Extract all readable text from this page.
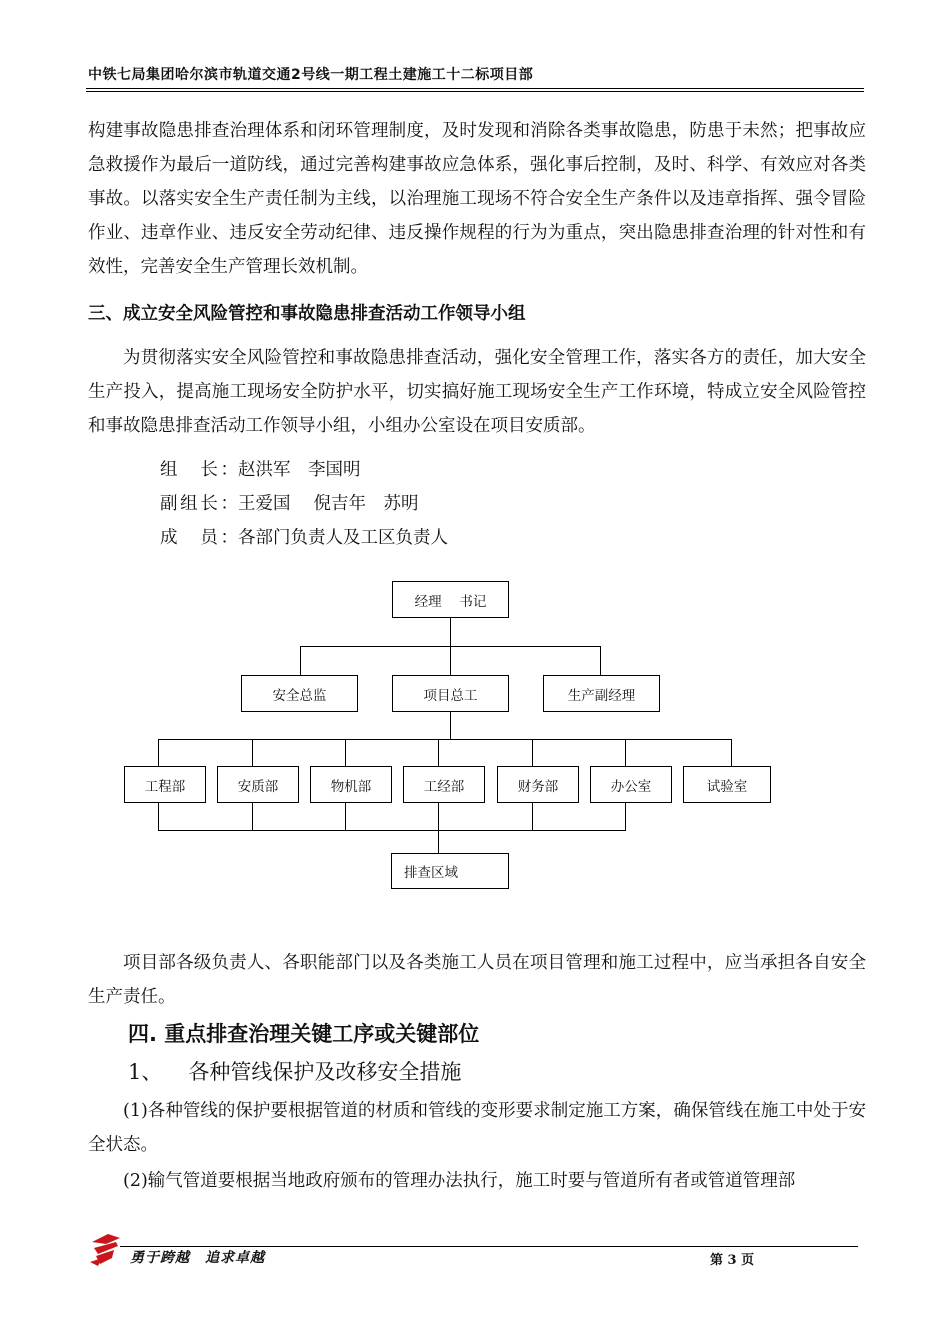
中铁七局集团哈尔滨市轨道交通2号线一期工程土建施工十二标项目部
构建事故隐患排查治理体系和闭环管理制度，及时发现和消除各类事故隐患，防患于未然；把事故应急救援作为最后一道防线，通过完善构建事故应急体系，强化事后控制，及时、科学、有效应对各类事故。以落实安全生产责任制为主线，以治理施工现场不符合安全生产条件以及违章指挥、强令冒险作业、违章作业、违反安全劳动纪律、违反操作规程的行为为重点，突出隐患排查治理的针对性和有效性，完善安全生产管理长效机制。
三、成立安全风险管控和事故隐患排查活动工作领导小组
为贯彻落实安全风险管控和事故隐患排查活动，强化安全管理工作，落实各方的责任，加大安全生产投入，提高施工现场安全防护水平，切实搞好施工现场安全生产工作环境，特成立安全风险管控和事故隐患排查活动工作领导小组，小组办公室设在项目安质部。
组　长：赵洪军　李国明
副组长：王爱国　 倪吉年　苏明
成　员：各部门负责人及工区负责人
经理　 书记
安全总监	项目总工	生产副经理
工程部	安质部	物机部	工经部	财务部	办公室	试验室
排查区域
项目部各级负责人、各职能部门以及各类施工人员在项目管理和施工过程中，应当承担各自安全生产责任。
四. 重点排查治理关键工序或关键部位
1、 各种管线保护及改移安全措施
(1)各种管线的保护要根据管道的材质和管线的变形要求制定施工方案，确保管线在施工中处于安全状态。
(2)输气管道要根据当地政府颁布的管理办法执行，施工时要与管道所有者或管道管理部
勇于跨越　追求卓越	第 3 页
